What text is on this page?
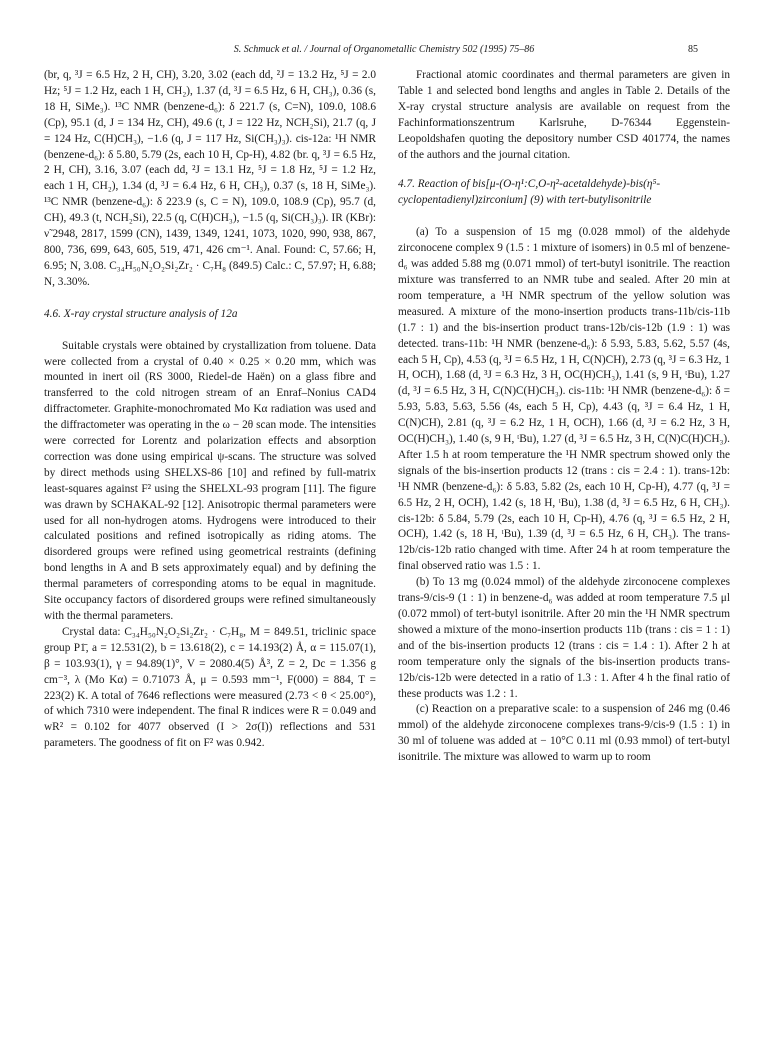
S. Schmuck et al. / Journal of Organometallic Chemistry 502 (1995) 75–86	85

(br, q, ³J = 6.5 Hz, 2 H, CH), 3.20, 3.02 (each dd, ²J = 13.2 Hz, ⁵J = 2.0 Hz; ⁵J = 1.2 Hz, each 1 H, CH₂), 1.37 (d, ³J = 6.5 Hz, 6 H, CH₃), 0.36 (s, 18 H, SiMe₃). ¹³C NMR (benzene-d₆): δ 221.7 (s, C=N), 109.0, 108.6 (Cp), 95.1 (d, J = 134 Hz, CH), 49.6 (t, J = 122 Hz, NCH₂Si), 21.7 (q, J = 124 Hz, C(H)CH₃), −1.6 (q, J = 117 Hz, Si(CH₃)₃). cis-12a: ¹H NMR (benzene-d₆): δ 5.80, 5.79 (2s, each 10 H, Cp-H), 4.82 (br. q, ³J = 6.5 Hz, 2 H, CH), 3.16, 3.07 (each dd, ²J = 13.1 Hz, ⁵J = 1.8 Hz, ⁵J = 1.2 Hz, each 1 H, CH₂), 1.34 (d, ³J = 6.4 Hz, 6 H, CH₃), 0.37 (s, 18 H, SiMe₃). ¹³C NMR (benzene-d₆): δ 223.9 (s, C = N), 109.0, 108.9 (Cp), 95.7 (d, CH), 49.3 (t, NCH₂Si), 22.5 (q, C(H)CH₃), −1.5 (q, Si(CH₃)₃). IR (KBr): ν̃ 2948, 2817, 1599 (CN), 1439, 1349, 1241, 1073, 1020, 990, 938, 867, 800, 736, 699, 643, 605, 519, 471, 426 cm⁻¹. Anal. Found: C, 57.66; H, 6.95; N, 3.08. C₃₄H₅₀N₂O₂Si₂Zr₂ · C₇H₈ (849.5) Calc.: C, 57.97; H, 6.88; N, 3.30%.

4.6. X-ray crystal structure analysis of 12a

Suitable crystals were obtained by crystallization from toluene. Data were collected from a crystal of 0.40 × 0.25 × 0.20 mm, which was mounted in inert oil (RS 3000, Riedel-de Haën) on a glass fibre and transferred to the cold nitrogen stream of an Enraf–Nonius CAD4 diffractometer. Graphite-monochromated Mo Kα radiation was used and the diffractometer was operating in the ω − 2θ scan mode. The intensities were corrected for Lorentz and polarization effects and absorption correction was done using empirical ψ-scans. The structure was solved by direct methods using SHELXS-86 [10] and refined by full-matrix least-squares against F² using the SHELXL-93 program [11]. The figure was drawn by SCHAKAL-92 [12]. Anisotropic thermal parameters were used for all non-hydrogen atoms. Hydrogens were introduced to their calculated positions and refined isotropically as riding atoms. The disordered groups were refined using geometrical restraints (defining bond lengths in A and B sets approximately equal) and by defining the thermal parameters of corresponding atoms to be equal in magnitude. Site occupancy factors of disordered groups were refined simultaneously with the thermal parameters.

Crystal data: C₃₄H₅₀N₂O₂Si₂Zr₂ · C₇H₈, M = 849.51, triclinic space group P1̄, a = 12.531(2), b = 13.618(2), c = 14.193(2) Å, α = 115.07(1), β = 103.93(1), γ = 94.89(1)°, V = 2080.4(5) Å³, Z = 2, Dc = 1.356 g cm⁻³, λ (Mo Kα) = 0.71073 Å, μ = 0.593 mm⁻¹, F(000) = 884, T = 223(2) K. A total of 7646 reflections were measured (2.73 < θ < 25.00°), of which 7310 were independent. The final R indices were R = 0.049 and wR² = 0.102 for 4077 observed (I > 2σ(I)) reflections and 531 parameters. The goodness of fit on F² was 0.942.

Fractional atomic coordinates and thermal parameters are given in Table 1 and selected bond lengths and angles in Table 2. Details of the X-ray crystal structure analysis are available on request from the Fachinformationszentrum Karlsruhe, D-76344 Eggenstein-Leopoldshafen quoting the depository number CSD 401774, the names of the authors and the journal citation.

4.7. Reaction of bis[μ-(O-η¹:C,O-η²-acetaldehyde)-bis(η⁵-cyclopentadienyl)zirconium] (9) with tert-butylisonitrile

(a) To a suspension of 15 mg (0.028 mmol) of the aldehyde zirconocene complex 9 (1.5 : 1 mixture of isomers) in 0.5 ml of benzene-d₆ was added 5.88 mg (0.071 mmol) of tert-butyl isonitrile. The reaction mixture was transferred to an NMR tube and sealed. After 20 min at room temperature, a ¹H NMR spectrum of the yellow solution was measured. A mixture of the mono-insertion products trans-11b/cis-11b (1.7 : 1) and the bis-insertion product trans-12b/cis-12b (1.9 : 1) was detected. trans-11b: ¹H NMR (benzene-d₆): δ 5.93, 5.83, 5.62, 5.57 (4s, each 5 H, Cp), 4.53 (q, ³J = 6.5 Hz, 1 H, C(N)CH), 2.73 (q, ³J = 6.3 Hz, 1 H, OCH), 1.68 (d, ³J = 6.3 Hz, 3 H, OC(H)CH₃), 1.41 (s, 9 H, ᵗBu), 1.27 (d, ³J = 6.5 Hz, 3 H, C(N)C(H)CH₃). cis-11b: ¹H NMR (benzene-d₆): δ = 5.93, 5.83, 5.63, 5.56 (4s, each 5 H, Cp), 4.43 (q, ³J = 6.4 Hz, 1 H, C(N)CH), 2.81 (q, ³J = 6.2 Hz, 1 H, OCH), 1.66 (d, ³J = 6.2 Hz, 3 H, OC(H)CH₃), 1.40 (s, 9 H, ᵗBu), 1.27 (d, ³J = 6.5 Hz, 3 H, C(N)C(H)CH₃). After 1.5 h at room temperature the ¹H NMR spectrum showed only the signals of the bis-insertion products 12 (trans : cis = 2.4 : 1). trans-12b: ¹H NMR (benzene-d₆): δ 5.83, 5.82 (2s, each 10 H, Cp-H), 4.77 (q, ³J = 6.5 Hz, 2 H, OCH), 1.42 (s, 18 H, ᵗBu), 1.38 (d, ³J = 6.5 Hz, 6 H, CH₃). cis-12b: δ 5.84, 5.79 (2s, each 10 H, Cp-H), 4.76 (q, ³J = 6.5 Hz, 2 H, OCH), 1.42 (s, 18 H, ᵗBu), 1.39 (d, ³J = 6.5 Hz, 6 H, CH₃). The trans-12b/cis-12b ratio changed with time. After 24 h at room temperature the final observed ratio was 1.5 : 1.

(b) To 13 mg (0.024 mmol) of the aldehyde zirconocene complexes trans-9/cis-9 (1 : 1) in benzene-d₆ was added at room temperature 7.5 μl (0.072 mmol) of tert-butyl isonitrile. After 20 min the ¹H NMR spectrum showed a mixture of the mono-insertion products 11b (trans : cis = 1 : 1) and of the bis-insertion products 12 (trans : cis = 1.4 : 1). After 2 h at room temperature only the signals of the bis-insertion products trans-12b/cis-12b were detected in a ratio of 1.3 : 1. After 4 h the final ratio of these products was 1.2 : 1.

(c) Reaction on a preparative scale: to a suspension of 246 mg (0.46 mmol) of the aldehyde zirconocene complexes trans-9/cis-9 (1.5 : 1) in 30 ml of toluene was added at − 10°C 0.11 ml (0.93 mmol) of tert-butyl isonitrile. The mixture was allowed to warm up to room
